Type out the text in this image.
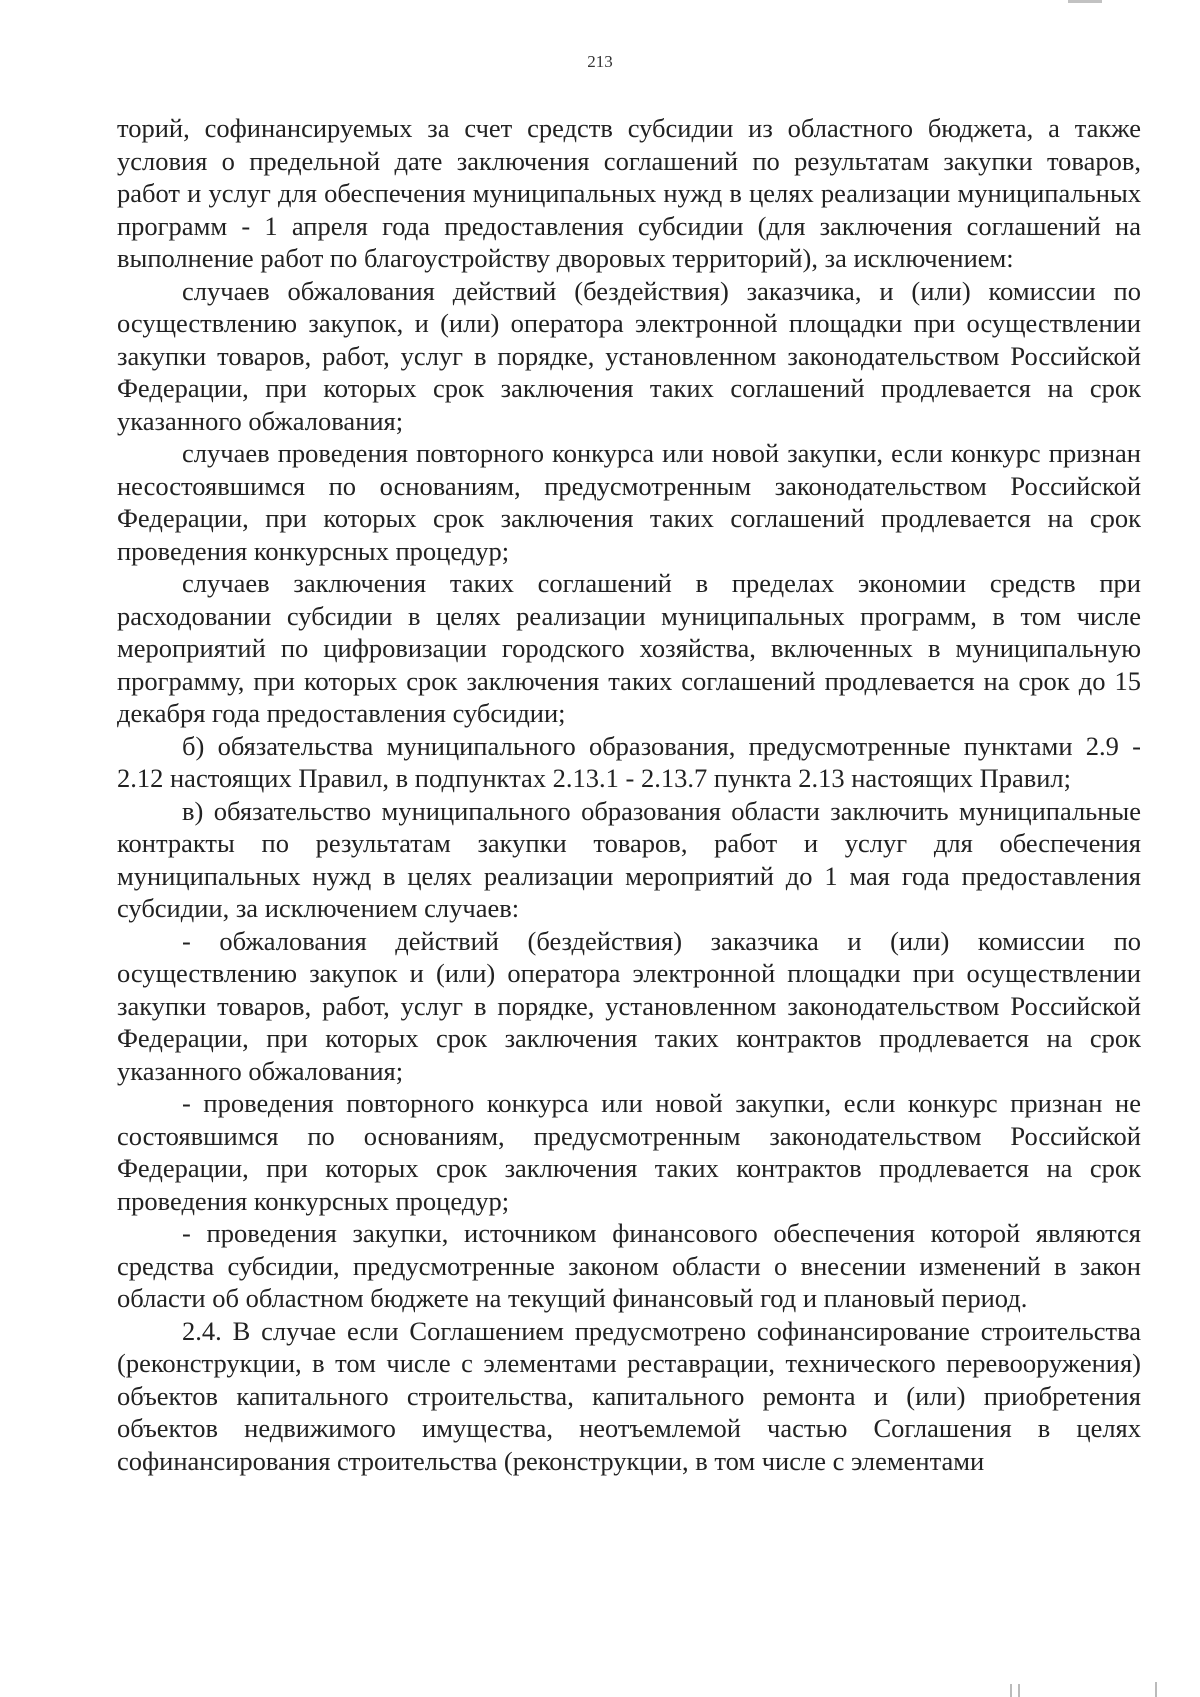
213

торий, софинансируемых за счет средств субсидии из областного бюджета, а также условия о предельной дате заключения соглашений по результатам закупки товаров, работ и услуг для обеспечения муниципальных нужд в целях реализации муниципальных программ - 1 апреля года предоставления субсидии (для заключения соглашений на выполнение работ по благоустройству дворовых территорий), за исключением:

случаев обжалования действий (бездействия) заказчика, и (или) комиссии по осуществлению закупок, и (или) оператора электронной площадки при осуществлении закупки товаров, работ, услуг в порядке, установленном законодательством Российской Федерации, при которых срок заключения таких соглашений продлевается на срок указанного обжалования;

случаев проведения повторного конкурса или новой закупки, если конкурс признан несостоявшимся по основаниям, предусмотренным законодательством Российской Федерации, при которых срок заключения таких соглашений продлевается на срок проведения конкурсных процедур;

случаев заключения таких соглашений в пределах экономии средств при расходовании субсидии в целях реализации муниципальных программ, в том числе мероприятий по цифровизации городского хозяйства, включенных в муниципальную программу, при которых срок заключения таких соглашений продлевается на срок до 15 декабря года предоставления субсидии;

б) обязательства муниципального образования, предусмотренные пунктами 2.9 - 2.12 настоящих Правил, в подпунктах 2.13.1 - 2.13.7 пункта 2.13 настоящих Правил;

в) обязательство муниципального образования области заключить муниципальные контракты по результатам закупки товаров, работ и услуг для обеспечения муниципальных нужд в целях реализации мероприятий до 1 мая года предоставления субсидии, за исключением случаев:

- обжалования действий (бездействия) заказчика и (или) комиссии по осуществлению закупок и (или) оператора электронной площадки при осуществлении закупки товаров, работ, услуг в порядке, установленном законодательством Российской Федерации, при которых срок заключения таких контрактов продлевается на срок указанного обжалования;

- проведения повторного конкурса или новой закупки, если конкурс признан не состоявшимся по основаниям, предусмотренным законодательством Российской Федерации, при которых срок заключения таких контрактов продлевается на срок проведения конкурсных процедур;

- проведения закупки, источником финансового обеспечения которой являются средства субсидии, предусмотренные законом области о внесении изменений в закон области об областном бюджете на текущий финансовый год и плановый период.

2.4. В случае если Соглашением предусмотрено софинансирование строительства (реконструкции, в том числе с элементами реставрации, технического перевооружения) объектов капитального строительства, капитального ремонта и (или) приобретения объектов недвижимого имущества, неотъемлемой частью Соглашения в целях софинансирования строительства (реконструкции, в том числе с элементами
